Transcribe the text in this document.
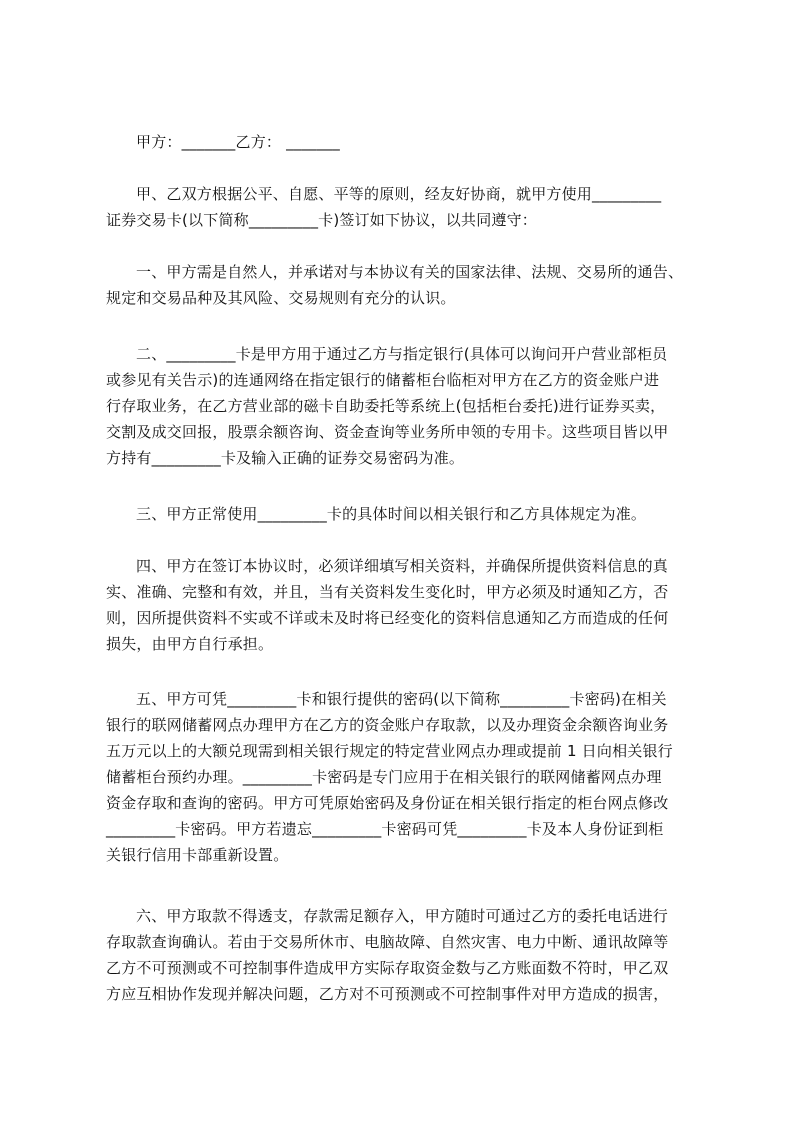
甲方：_______乙方： _______
甲、乙双方根据公平、自愿、平等的原则，经友好协商，就甲方使用_________
证券交易卡(以下简称_________卡)签订如下协议，以共同遵守：
一、甲方需是自然人，并承诺对与本协议有关的国家法律、法规、交易所的通告、
规定和交易品种及其风险、交易规则有充分的认识。
二、_________卡是甲方用于通过乙方与指定银行(具体可以询问开户营业部柜员
或参见有关告示)的连通网络在指定银行的储蓄柜台临柜对甲方在乙方的资金账户进
行存取业务，在乙方营业部的磁卡自助委托等系统上(包括柜台委托)进行证券买卖，
交割及成交回报，股票余额咨询、资金查询等业务所申领的专用卡。这些项目皆以甲
方持有_________卡及输入正确的证券交易密码为准。
三、甲方正常使用_________卡的具体时间以相关银行和乙方具体规定为准。
四、甲方在签订本协议时，必须详细填写相关资料，并确保所提供资料信息的真
实、准确、完整和有效，并且，当有关资料发生变化时，甲方必须及时通知乙方，否
则，因所提供资料不实或不详或未及时将已经变化的资料信息通知乙方而造成的任何
损失，由甲方自行承担。
五、甲方可凭_________卡和银行提供的密码(以下简称_________卡密码)在相关
银行的联网储蓄网点办理甲方在乙方的资金账户存取款，以及办理资金余额咨询业务
五万元以上的大额兑现需到相关银行规定的特定营业网点办理或提前 1 日向相关银行
储蓄柜台预约办理。_________卡密码是专门应用于在相关银行的联网储蓄网点办理
资金存取和查询的密码。甲方可凭原始密码及身份证在相关银行指定的柜台网点修改
_________卡密码。甲方若遗忘_________卡密码可凭_________卡及本人身份证到柜
关银行信用卡部重新设置。
六、甲方取款不得透支，存款需足额存入，甲方随时可通过乙方的委托电话进行
存取款查询确认。若由于交易所休市、电脑故障、自然灾害、电力中断、通讯故障等
乙方不可预测或不可控制事件造成甲方实际存取资金数与乙方账面数不符时，甲乙双
方应互相协作发现并解决问题，乙方对不可预测或不可控制事件对甲方造成的损害，
